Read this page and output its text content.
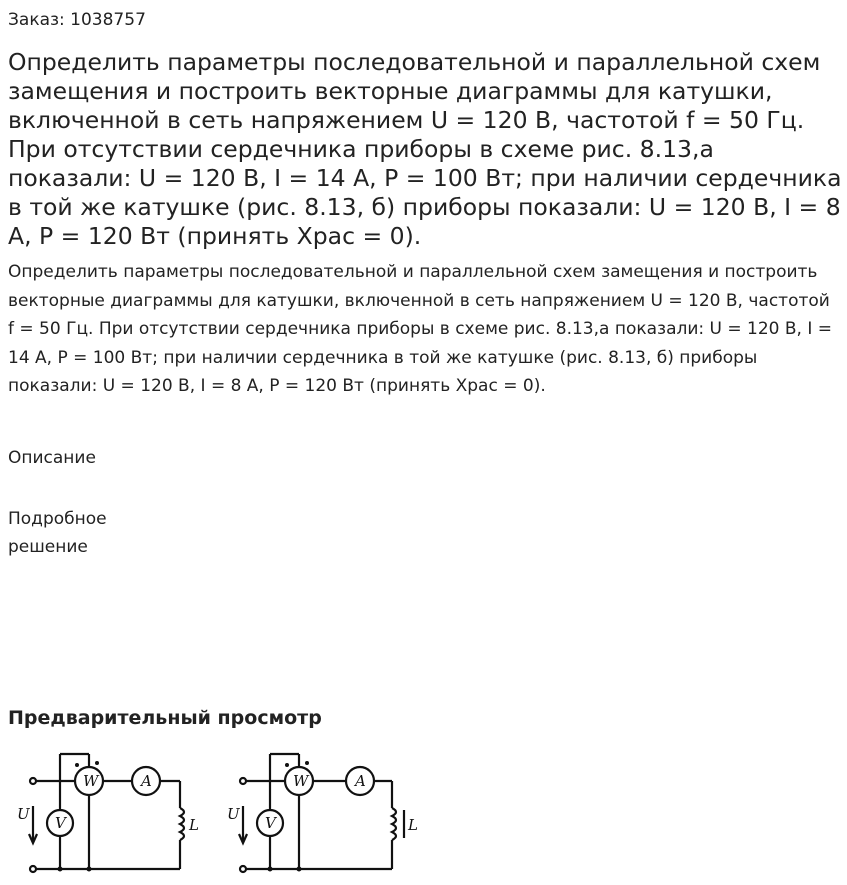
Заказ: 1038757
Определить параметры последовательной и параллельной схем замещения и построить векторные диаграммы для катушки, включенной в сеть напряжением U = 120 В, частотой f = 50 Гц. При отсутствии сердечника приборы в схеме рис. 8.13,а показали: U = 120 В, I = 14 А, P = 100 Вт; при наличии сердечника в той же катушке (рис. 8.13, б) приборы показали: U = 120 В, I = 8 А, P = 120 Вт (принять Храс = 0).
Определить параметры последовательной и параллельной схем замещения и построить векторные диаграммы для катушки, включенной в сеть напряжением U = 120 В, частотой f = 50 Гц. При отсутствии сердечника приборы в схеме рис. 8.13,а показали: U = 120 В, I = 14 А, P = 100 Вт; при наличии сердечника в той же катушке (рис. 8.13, б) приборы показали: U = 120 В, I = 8 А, P = 120 Вт (принять Храс = 0).
Описание
Подробное решение
Предварительный просмотр
W	A
V
U
L
W	A
V
U
L
